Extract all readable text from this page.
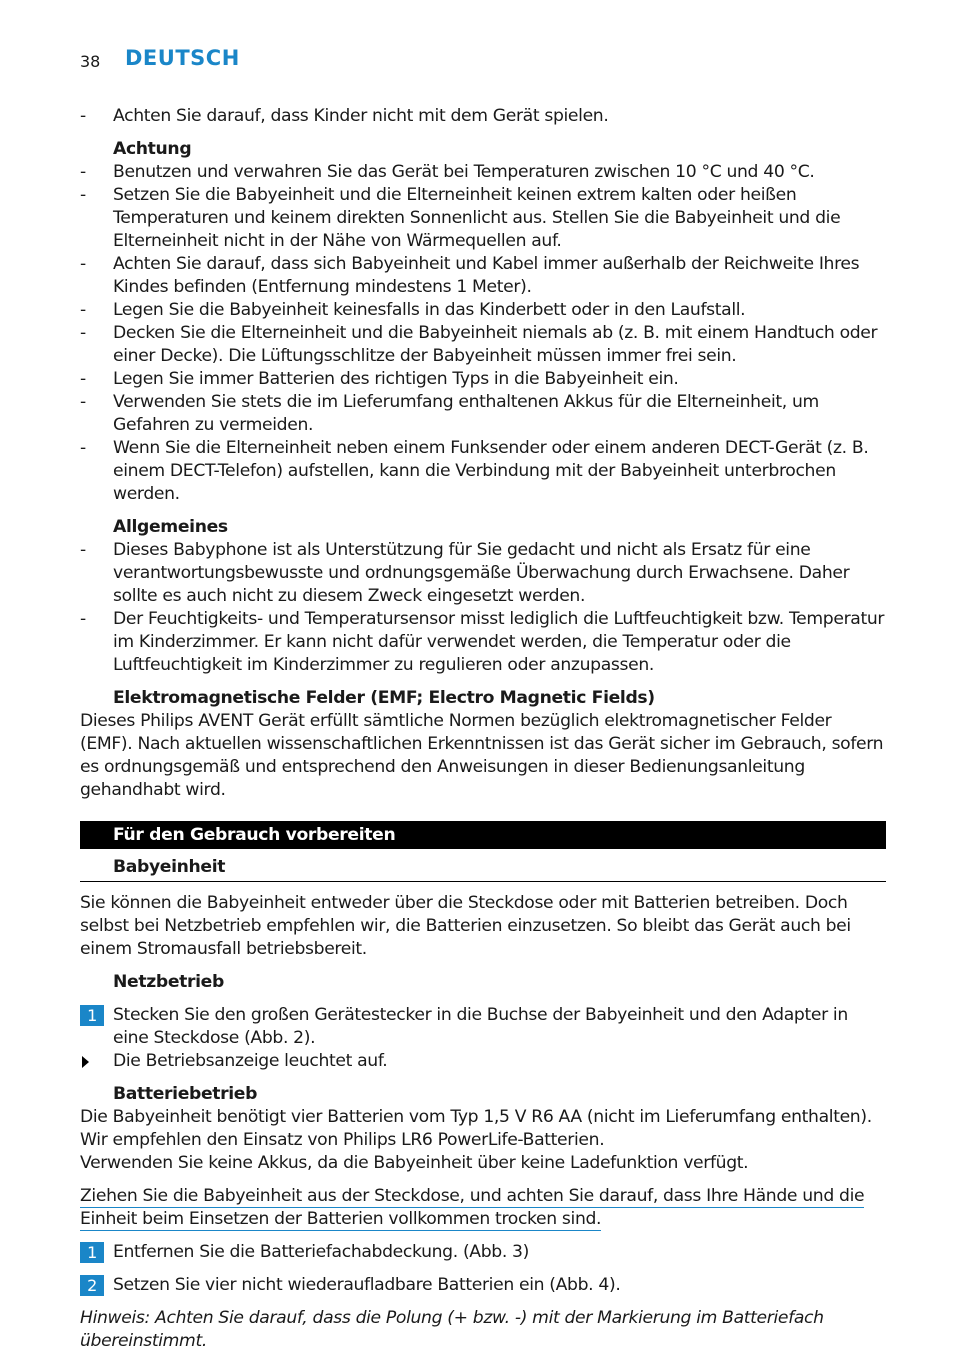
38 DEUTSCH
- Achten Sie darauf, dass Kinder nicht mit dem Gerät spielen.
Achtung
- Benutzen und verwahren Sie das Gerät bei Temperaturen zwischen 10 °C und 40 °C.
- Setzen Sie die Babyeinheit und die Elterneinheit keinen extrem kalten oder heißen Temperaturen und keinem direkten Sonnenlicht aus. Stellen Sie die Babyeinheit und die Elterneinheit nicht in der Nähe von Wärmequellen auf.
- Achten Sie darauf, dass sich Babyeinheit und Kabel immer außerhalb der Reichweite Ihres Kindes befinden (Entfernung mindestens 1 Meter).
- Legen Sie die Babyeinheit keinesfalls in das Kinderbett oder in den Laufstall.
- Decken Sie die Elterneinheit und die Babyeinheit niemals ab (z. B. mit einem Handtuch oder einer Decke). Die Lüftungsschlitze der Babyeinheit müssen immer frei sein.
- Legen Sie immer Batterien des richtigen Typs in die Babyeinheit ein.
- Verwenden Sie stets die im Lieferumfang enthaltenen Akkus für die Elterneinheit, um Gefahren zu vermeiden.
- Wenn Sie die Elterneinheit neben einem Funksender oder einem anderen DECT-Gerät (z. B. einem DECT-Telefon) aufstellen, kann die Verbindung mit der Babyeinheit unterbrochen werden.
Allgemeines
- Dieses Babyphone ist als Unterstützung für Sie gedacht und nicht als Ersatz für eine verantwortungsbewusste und ordnungsgemäße Überwachung durch Erwachsene. Daher sollte es auch nicht zu diesem Zweck eingesetzt werden.
- Der Feuchtigkeits- und Temperatursensor misst lediglich die Luftfeuchtigkeit bzw. Temperatur im Kinderzimmer. Er kann nicht dafür verwendet werden, die Temperatur oder die Luftfeuchtigkeit im Kinderzimmer zu regulieren oder anzupassen.
Elektromagnetische Felder (EMF; Electro Magnetic Fields)
Dieses Philips AVENT Gerät erfüllt sämtliche Normen bezüglich elektromagnetischer Felder (EMF). Nach aktuellen wissenschaftlichen Erkenntnissen ist das Gerät sicher im Gebrauch, sofern es ordnungsgemäß und entsprechend den Anweisungen in dieser Bedienungsanleitung gehandhabt wird.
Für den Gebrauch vorbereiten
Babyeinheit
Sie können die Babyeinheit entweder über die Steckdose oder mit Batterien betreiben. Doch selbst bei Netzbetrieb empfehlen wir, die Batterien einzusetzen. So bleibt das Gerät auch bei einem Stromausfall betriebsbereit.
Netzbetrieb
1 Stecken Sie den großen Gerätestecker in die Buchse der Babyeinheit und den Adapter in eine Steckdose (Abb. 2).
Die Betriebsanzeige leuchtet auf.
Batteriebetrieb
Die Babyeinheit benötigt vier Batterien vom Typ 1,5 V R6 AA (nicht im Lieferumfang enthalten). Wir empfehlen den Einsatz von Philips LR6 PowerLife-Batterien.
Verwenden Sie keine Akkus, da die Babyeinheit über keine Ladefunktion verfügt.
Ziehen Sie die Babyeinheit aus der Steckdose, und achten Sie darauf, dass Ihre Hände und die Einheit beim Einsetzen der Batterien vollkommen trocken sind.
1 Entfernen Sie die Batteriefachabdeckung. (Abb. 3)
2 Setzen Sie vier nicht wiederaufladbare Batterien ein (Abb. 4).
Hinweis: Achten Sie darauf, dass die Polung (+ bzw. -) mit der Markierung im Batteriefach übereinstimmt.
